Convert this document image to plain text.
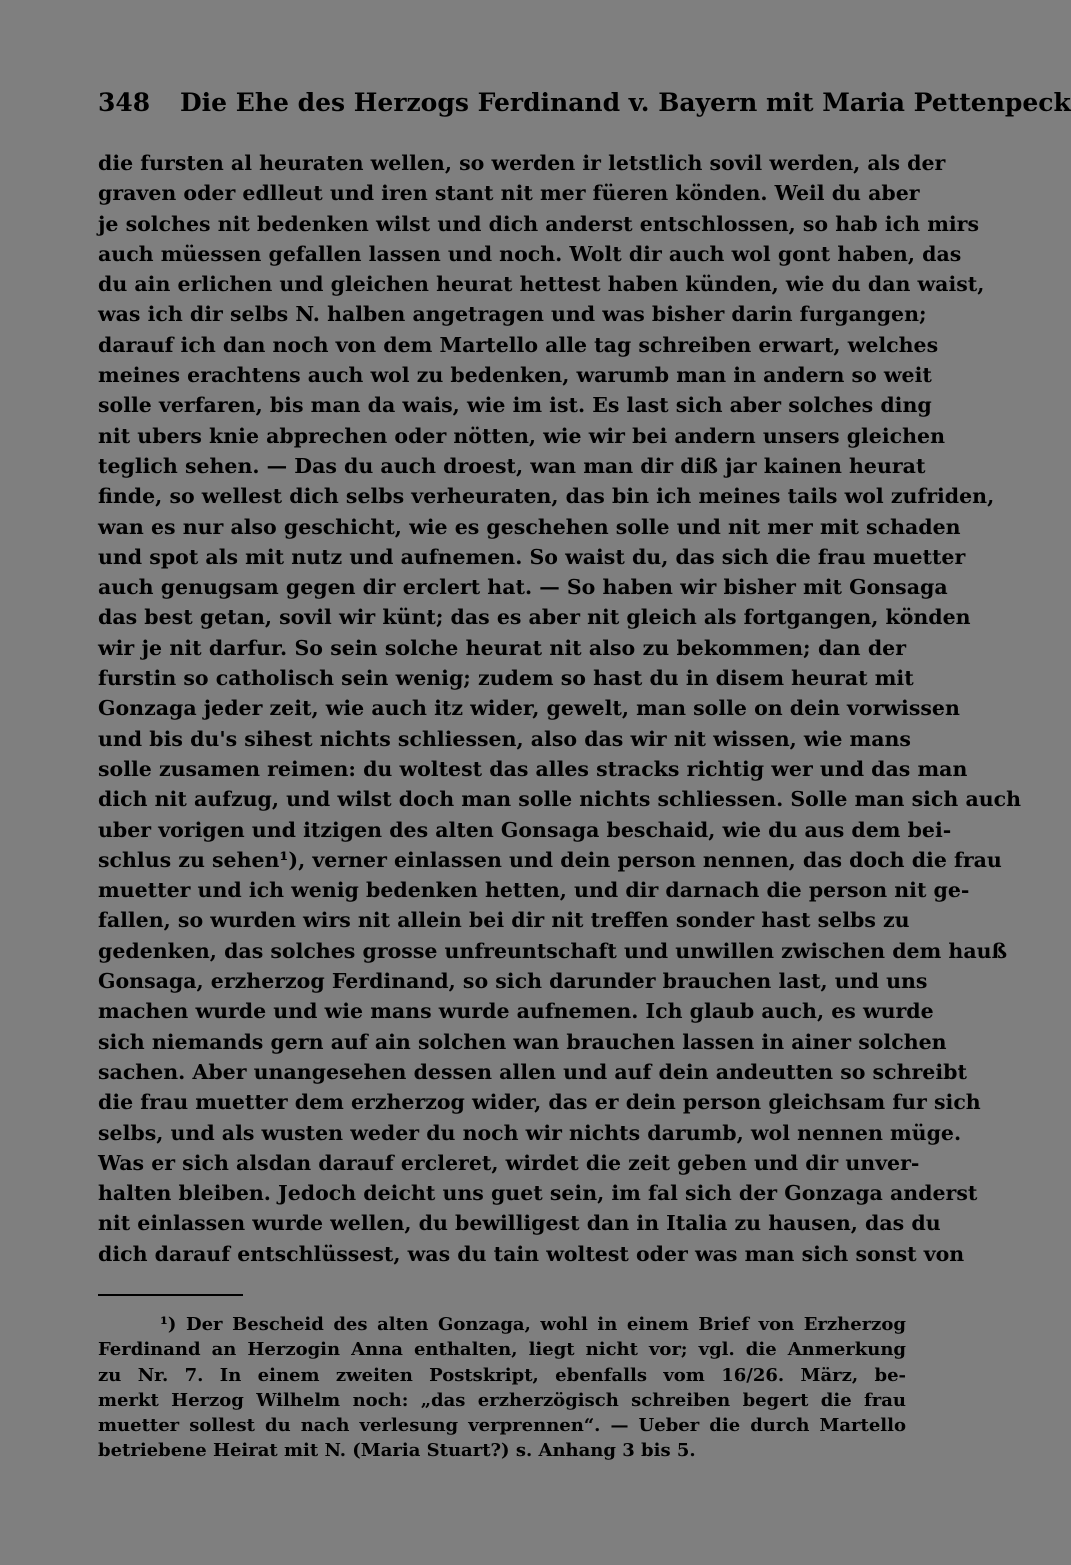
348 Die Ehe des Herzogs Ferdinand v. Bayern mit Maria Pettenpeck
die fursten al heuraten wellen, so werden ir letstlich sovil werden, als der
graven oder edlleut und iren stant nit mer füeren könden. Weil du aber
je solches nit bedenken wilst und dich anderst entschlossen, so hab ich mirs
auch müessen gefallen lassen und noch. Wolt dir auch wol gont haben, das
du ain erlichen und gleichen heurat hettest haben künden, wie du dan waist,
was ich dir selbs N. halben angetragen und was bisher darin furgangen;
darauf ich dan noch von dem Martello alle tag schreiben erwart, welches
meines erachtens auch wol zu bedenken, warumb man in andern so weit
solle verfaren, bis man da wais, wie im ist. Es last sich aber solches ding
nit ubers knie abprechen oder nötten, wie wir bei andern unsers gleichen
teglich sehen. — Das du auch droest, wan man dir diß jar kainen heurat
finde, so wellest dich selbs verheuraten, das bin ich meines tails wol zufriden,
wan es nur also geschicht, wie es geschehen solle und nit mer mit schaden
und spot als mit nutz und aufnemen. So waist du, das sich die frau muetter
auch genugsam gegen dir erclert hat. — So haben wir bisher mit Gonsaga
das best getan, sovil wir künt; das es aber nit gleich als fortgangen, könden
wir je nit darfur. So sein solche heurat nit also zu bekommen; dan der
furstin so catholisch sein wenig; zudem so hast du in disem heurat mit
Gonzaga jeder zeit, wie auch itz wider, gewelt, man solle on dein vorwissen
und bis du's sihest nichts schliessen, also das wir nit wissen, wie mans
solle zusamen reimen: du woltest das alles stracks richtig wer und das man
dich nit aufzug, und wilst doch man solle nichts schliessen. Solle man sich auch
uber vorigen und itzigen des alten Gonsaga beschaid, wie du aus dem bei-
schlus zu sehen¹), verner einlassen und dein person nennen, das doch die frau
muetter und ich wenig bedenken hetten, und dir darnach die person nit ge-
fallen, so wurden wirs nit allein bei dir nit treffen sonder hast selbs zu
gedenken, das solches grosse unfreuntschaft und unwillen zwischen dem hauß
Gonsaga, erzherzog Ferdinand, so sich darunder brauchen last, und uns
machen wurde und wie mans wurde aufnemen. Ich glaub auch, es wurde
sich niemands gern auf ain solchen wan brauchen lassen in ainer solchen
sachen. Aber unangesehen dessen allen und auf dein andeutten so schreibt
die frau muetter dem erzherzog wider, das er dein person gleichsam fur sich
selbs, und als wusten weder du noch wir nichts darumb, wol nennen müge.
Was er sich alsdan darauf ercleret, wirdet die zeit geben und dir unver-
halten bleiben. Jedoch deicht uns guet sein, im fal sich der Gonzaga anderst
nit einlassen wurde wellen, du bewilligest dan in Italia zu hausen, das du
dich darauf entschlüssest, was du tain woltest oder was man sich sonst von
¹) Der Bescheid des alten Gonzaga, wohl in einem Brief von Erzherzog
Ferdinand an Herzogin Anna enthalten, liegt nicht vor; vgl. die Anmerkung
zu Nr. 7. In einem zweiten Postskript, ebenfalls vom 16/26. März, be-
merkt Herzog Wilhelm noch: „das erzherzögisch schreiben begert die frau
muetter sollest du nach verlesung verprennen“. — Ueber die durch Martello
betriebene Heirat mit N. (Maria Stuart?) s. Anhang 3 bis 5.
